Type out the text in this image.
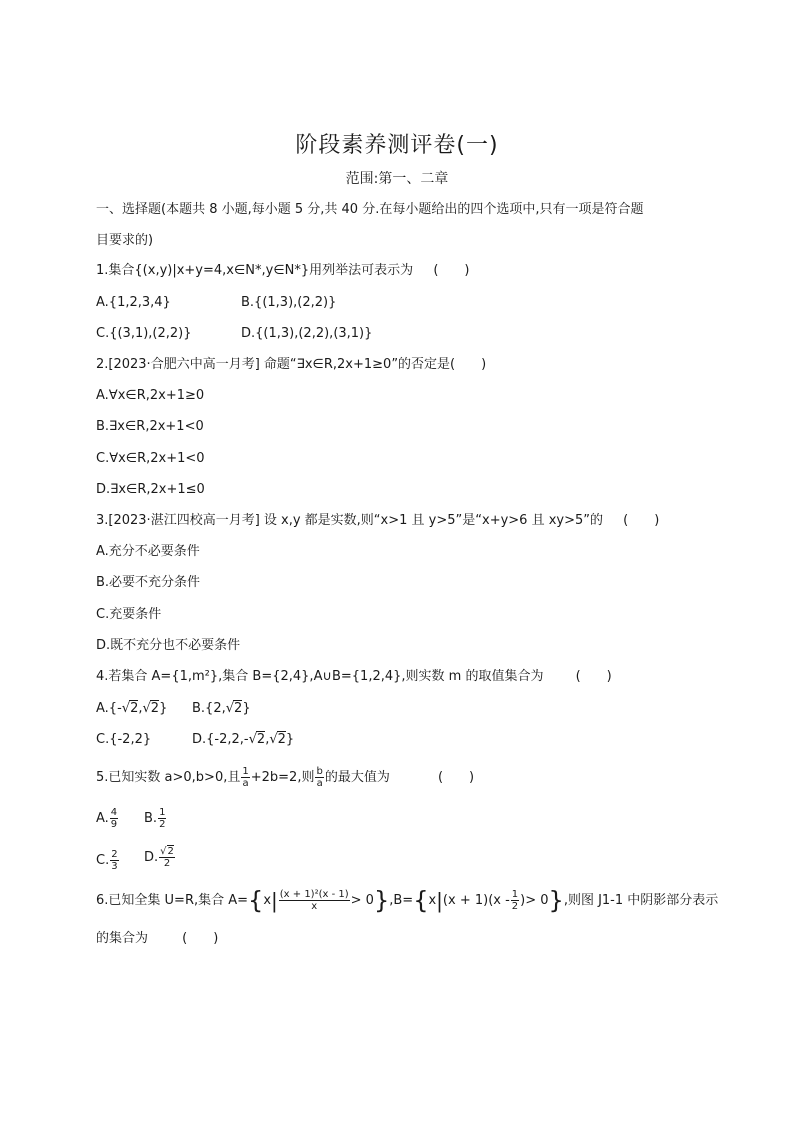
阶段素养测评卷(一)
范围:第一、二章
一、选择题(本题共 8 小题,每小题 5 分,共 40 分.在每小题给出的四个选项中,只有一项是符合题
目要求的)
1.集合{(x,y)|x+y=4,x∈N*,y∈N*}用列举法可表示为 (　　)
A.{1,2,3,4}	B.{(1,3),(2,2)}
C.{(3,1),(2,2)}	D.{(1,3),(2,2),(3,1)}
2.[2023·合肥六中高一月考] 命题“∃x∈R,2x+1≥0”的否定是(　　)
A.∀x∈R,2x+1≥0
B.∃x∈R,2x+1<0
C.∀x∈R,2x+1<0
D.∃x∈R,2x+1≤0
3.[2023·湛江四校高一月考] 设 x,y 都是实数,则“x>1 且 y>5”是“x+y>6 且 xy>5”的 (　　)
A.充分不必要条件
B.必要不充分条件
C.充要条件
D.既不充分也不必要条件
4.若集合 A={1,m²},集合 B={2,4},A∪B={1,2,4},则实数 m 的取值集合为 (　　)
A.{-√2,√2} B.{2,√2}
C.{-2,2}	D.{-2,2,-√2,√2}
5.已知实数 a>0,b>0,且 $\frac{1}{a} +2b=2$,则 $\frac{b}{a}$ 的最大值为	(　　)
A. $\frac{4}{9} B$. $\frac{1}{2}$
C. $\frac{2}{3} D$. $\frac{√2}{2}$
6.已知全集 U=R,集合 $A=\{x| \frac{\text{(x + 1)²(x - 1)}}{x} > 0\},B=\{x|(x + 1)(x - \frac{1}{2}$ )> 0},则图 J1-1 中阴影部分表示
的集合为	(　　)
